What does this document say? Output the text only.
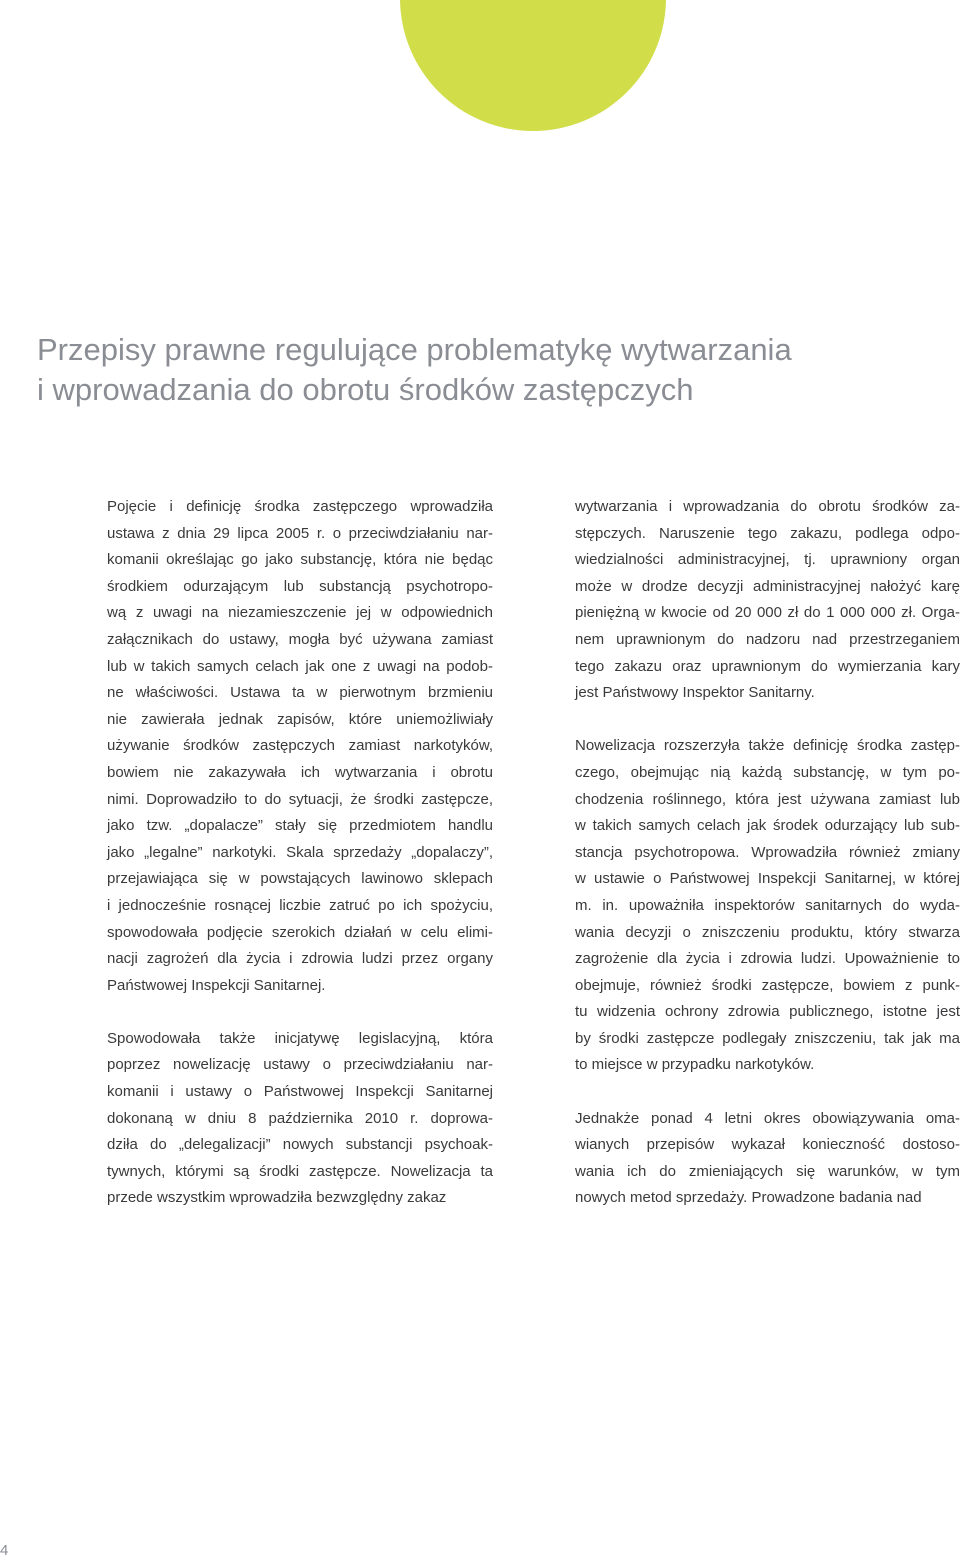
Przepisy prawne regulujące problematykę wytwarzania
i wprowadzania do obrotu środków zastępczych
Pojęcie i definicję środka zastępczego wprowadziła
ustawa z dnia 29 lipca 2005 r. o przeciwdziałaniu nar-
komanii określając go jako substancję, która nie będąc
środkiem odurzającym lub substancją psychotropo-
wą z uwagi na niezamieszczenie jej w odpowiednich
załącznikach do ustawy, mogła być używana zamiast
lub w takich samych celach jak one z uwagi na podob-
ne właściwości. Ustawa ta w pierwotnym brzmieniu
nie zawierała jednak zapisów, które uniemożliwiały
używanie środków zastępczych zamiast narkotyków,
bowiem nie zakazywała ich wytwarzania i obrotu
nimi. Doprowadziło to do sytuacji, że środki zastępcze,
jako tzw. „dopalacze” stały się przedmiotem handlu
jako „legalne” narkotyki. Skala sprzedaży „dopalaczy”,
przejawiająca się w powstających lawinowo sklepach
i jednocześnie rosnącej liczbie zatruć po ich spożyciu,
spowodowała podjęcie szerokich działań w celu elimi-
nacji zagrożeń dla życia i zdrowia ludzi przez organy
Państwowej Inspekcji Sanitarnej.
Spowodowała także inicjatywę legislacyjną, która
poprzez nowelizację ustawy o przeciwdziałaniu nar-
komanii i ustawy o Państwowej Inspekcji Sanitarnej
dokonaną w dniu 8 października 2010 r. doprowa-
dziła do „delegalizacji” nowych substancji psychoak-
tywnych, którymi są środki zastępcze. Nowelizacja ta
przede wszystkim wprowadziła bezwzględny zakaz
wytwarzania i wprowadzania do obrotu środków za-
stępczych. Naruszenie tego zakazu, podlega odpo-
wiedzialności administracyjnej, tj. uprawniony organ
może w drodze decyzji administracyjnej nałożyć karę
pieniężną w kwocie od 20 000 zł do 1 000 000 zł. Orga-
nem uprawnionym do nadzoru nad przestrzeganiem
tego zakazu oraz uprawnionym do wymierzania kary
jest Państwowy Inspektor Sanitarny.
Nowelizacja rozszerzyła także definicję środka zastęp-
czego, obejmując nią każdą substancję, w tym po-
chodzenia roślinnego, która jest używana zamiast lub
w takich samych celach jak środek odurzający lub sub-
stancja psychotropowa. Wprowadziła również zmiany
w ustawie o Państwowej Inspekcji Sanitarnej, w której
m. in. upoważniła inspektorów sanitarnych do wyda-
wania decyzji o zniszczeniu produktu, który stwarza
zagrożenie dla życia i zdrowia ludzi. Upoważnienie to
obejmuje, również środki zastępcze, bowiem z punk-
tu widzenia ochrony zdrowia publicznego, istotne jest
by środki zastępcze podlegały zniszczeniu, tak jak ma
to miejsce w przypadku narkotyków.
Jednakże ponad 4 letni okres obowiązywania oma-
wianych przepisów wykazał konieczność dostoso-
wania ich do zmieniających się warunków, w tym
nowych metod sprzedaży. Prowadzone badania nad
4
